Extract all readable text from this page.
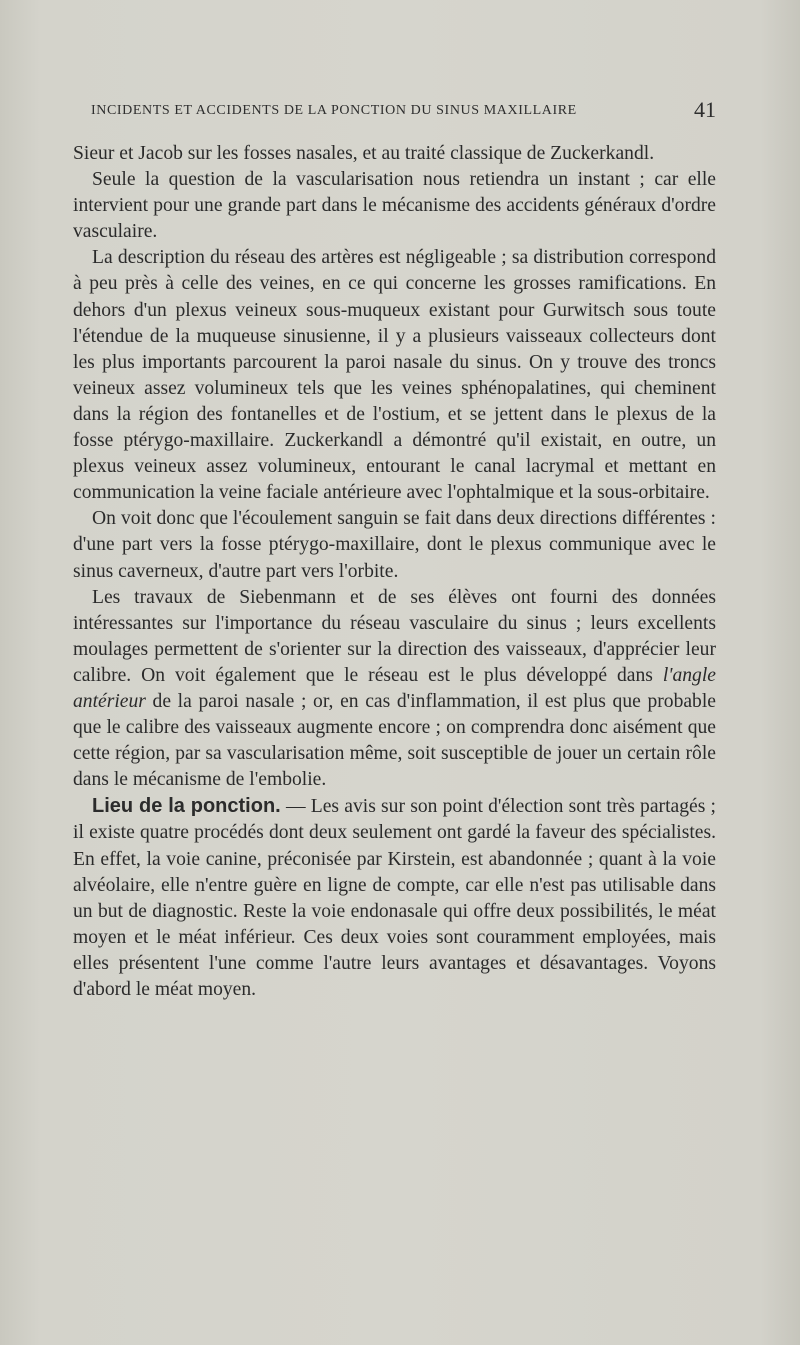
INCIDENTS ET ACCIDENTS DE LA PONCTION DU SINUS MAXILLAIRE	41

Sieur et Jacob sur les fosses nasales, et au traité classique de Zuckerkandl.

Seule la question de la vascularisation nous retiendra un instant ; car elle intervient pour une grande part dans le mécanisme des accidents généraux d'ordre vasculaire.

La description du réseau des artères est négligeable ; sa distribution correspond à peu près à celle des veines, en ce qui concerne les grosses ramifications. En dehors d'un plexus veineux sous-muqueux existant pour Gurwitsch sous toute l'étendue de la muqueuse sinusienne, il y a plusieurs vaisseaux collecteurs dont les plus importants parcourent la paroi nasale du sinus. On y trouve des troncs veineux assez volumineux tels que les veines sphénopalatines, qui cheminent dans la région des fontanelles et de l'ostium, et se jettent dans le plexus de la fosse ptérygo-maxillaire. Zuckerkandl a démontré qu'il existait, en outre, un plexus veineux assez volumineux, entourant le canal lacrymal et mettant en communication la veine faciale antérieure avec l'ophtalmique et la sous-orbitaire.

On voit donc que l'écoulement sanguin se fait dans deux directions différentes : d'une part vers la fosse ptérygo-maxillaire, dont le plexus communique avec le sinus caverneux, d'autre part vers l'orbite.

Les travaux de Siebenmann et de ses élèves ont fourni des données intéressantes sur l'importance du réseau vasculaire du sinus ; leurs excellents moulages permettent de s'orienter sur la direction des vaisseaux, d'apprécier leur calibre. On voit également que le réseau est le plus développé dans l'angle antérieur de la paroi nasale ; or, en cas d'inflammation, il est plus que probable que le calibre des vaisseaux augmente encore ; on comprendra donc aisément que cette région, par sa vascularisation même, soit susceptible de jouer un certain rôle dans le mécanisme de l'embolie.

Lieu de la ponction. — Les avis sur son point d'élection sont très partagés ; il existe quatre procédés dont deux seulement ont gardé la faveur des spécialistes. En effet, la voie canine, préconisée par Kirstein, est abandonnée ; quant à la voie alvéolaire, elle n'entre guère en ligne de compte, car elle n'est pas utilisable dans un but de diagnostic. Reste la voie endonasale qui offre deux possibilités, le méat moyen et le méat inférieur. Ces deux voies sont couramment employées, mais elles présentent l'une comme l'autre leurs avantages et désavantages. Voyons d'abord le méat moyen.
